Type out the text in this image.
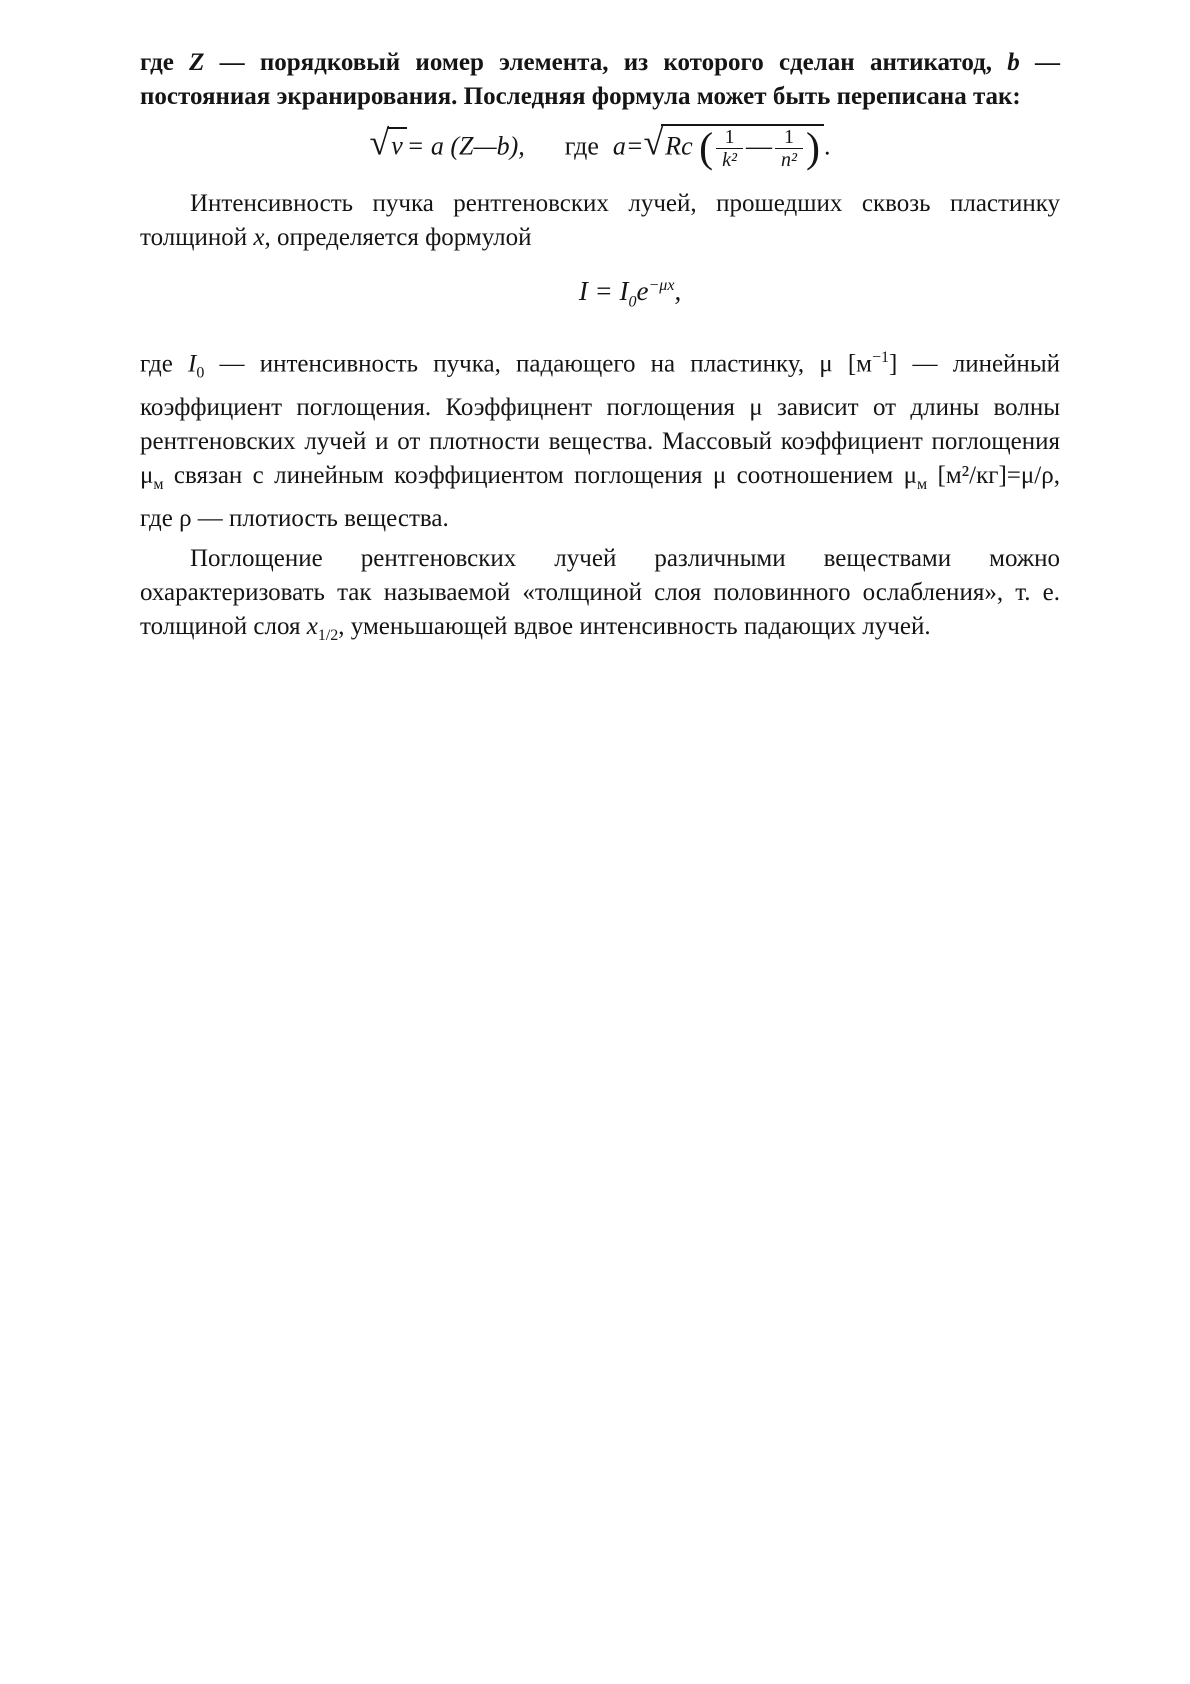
где Z — порядковый иомер элемента, из которого сделан антикатод, b — постояниая экранирования. Последняя формула может быть переписана так:

√ν = a (Z—b), где a=√Rc ( $\frac{1}{\text{k²}}$ — $\frac{1}{\text{n²}}$ ) .

Интенсивность пучка рентгеновских лучей, прошедших сквозь пластинку толщиной x, определяется формулой

$I = I_0e^{-\mu x}$,

где $I_0$ — интенсивность пучка, падающего на пластинку, μ $[м^{-1}]$ — линейный коэффициент поглощения. Коэффицнент поглощения μ зависит от длины волны рентгеновских лучей и от плотности вещества. Массовый коэффициент поглощения $\mu_м$ связан с линейным коэффициентом поглощения μ соотношением $\mu_м$ [м²/кг]=μ/ρ, где ρ — плотиость вещества.

Поглощение рентгеновских лучей различными веществами можно охарактеризовать так называемой «толщиной слоя половинного ослабления», т. е. толщиной слоя $x_{1/2}$, уменьшающей вдвое интенсивность падающих лучей.
